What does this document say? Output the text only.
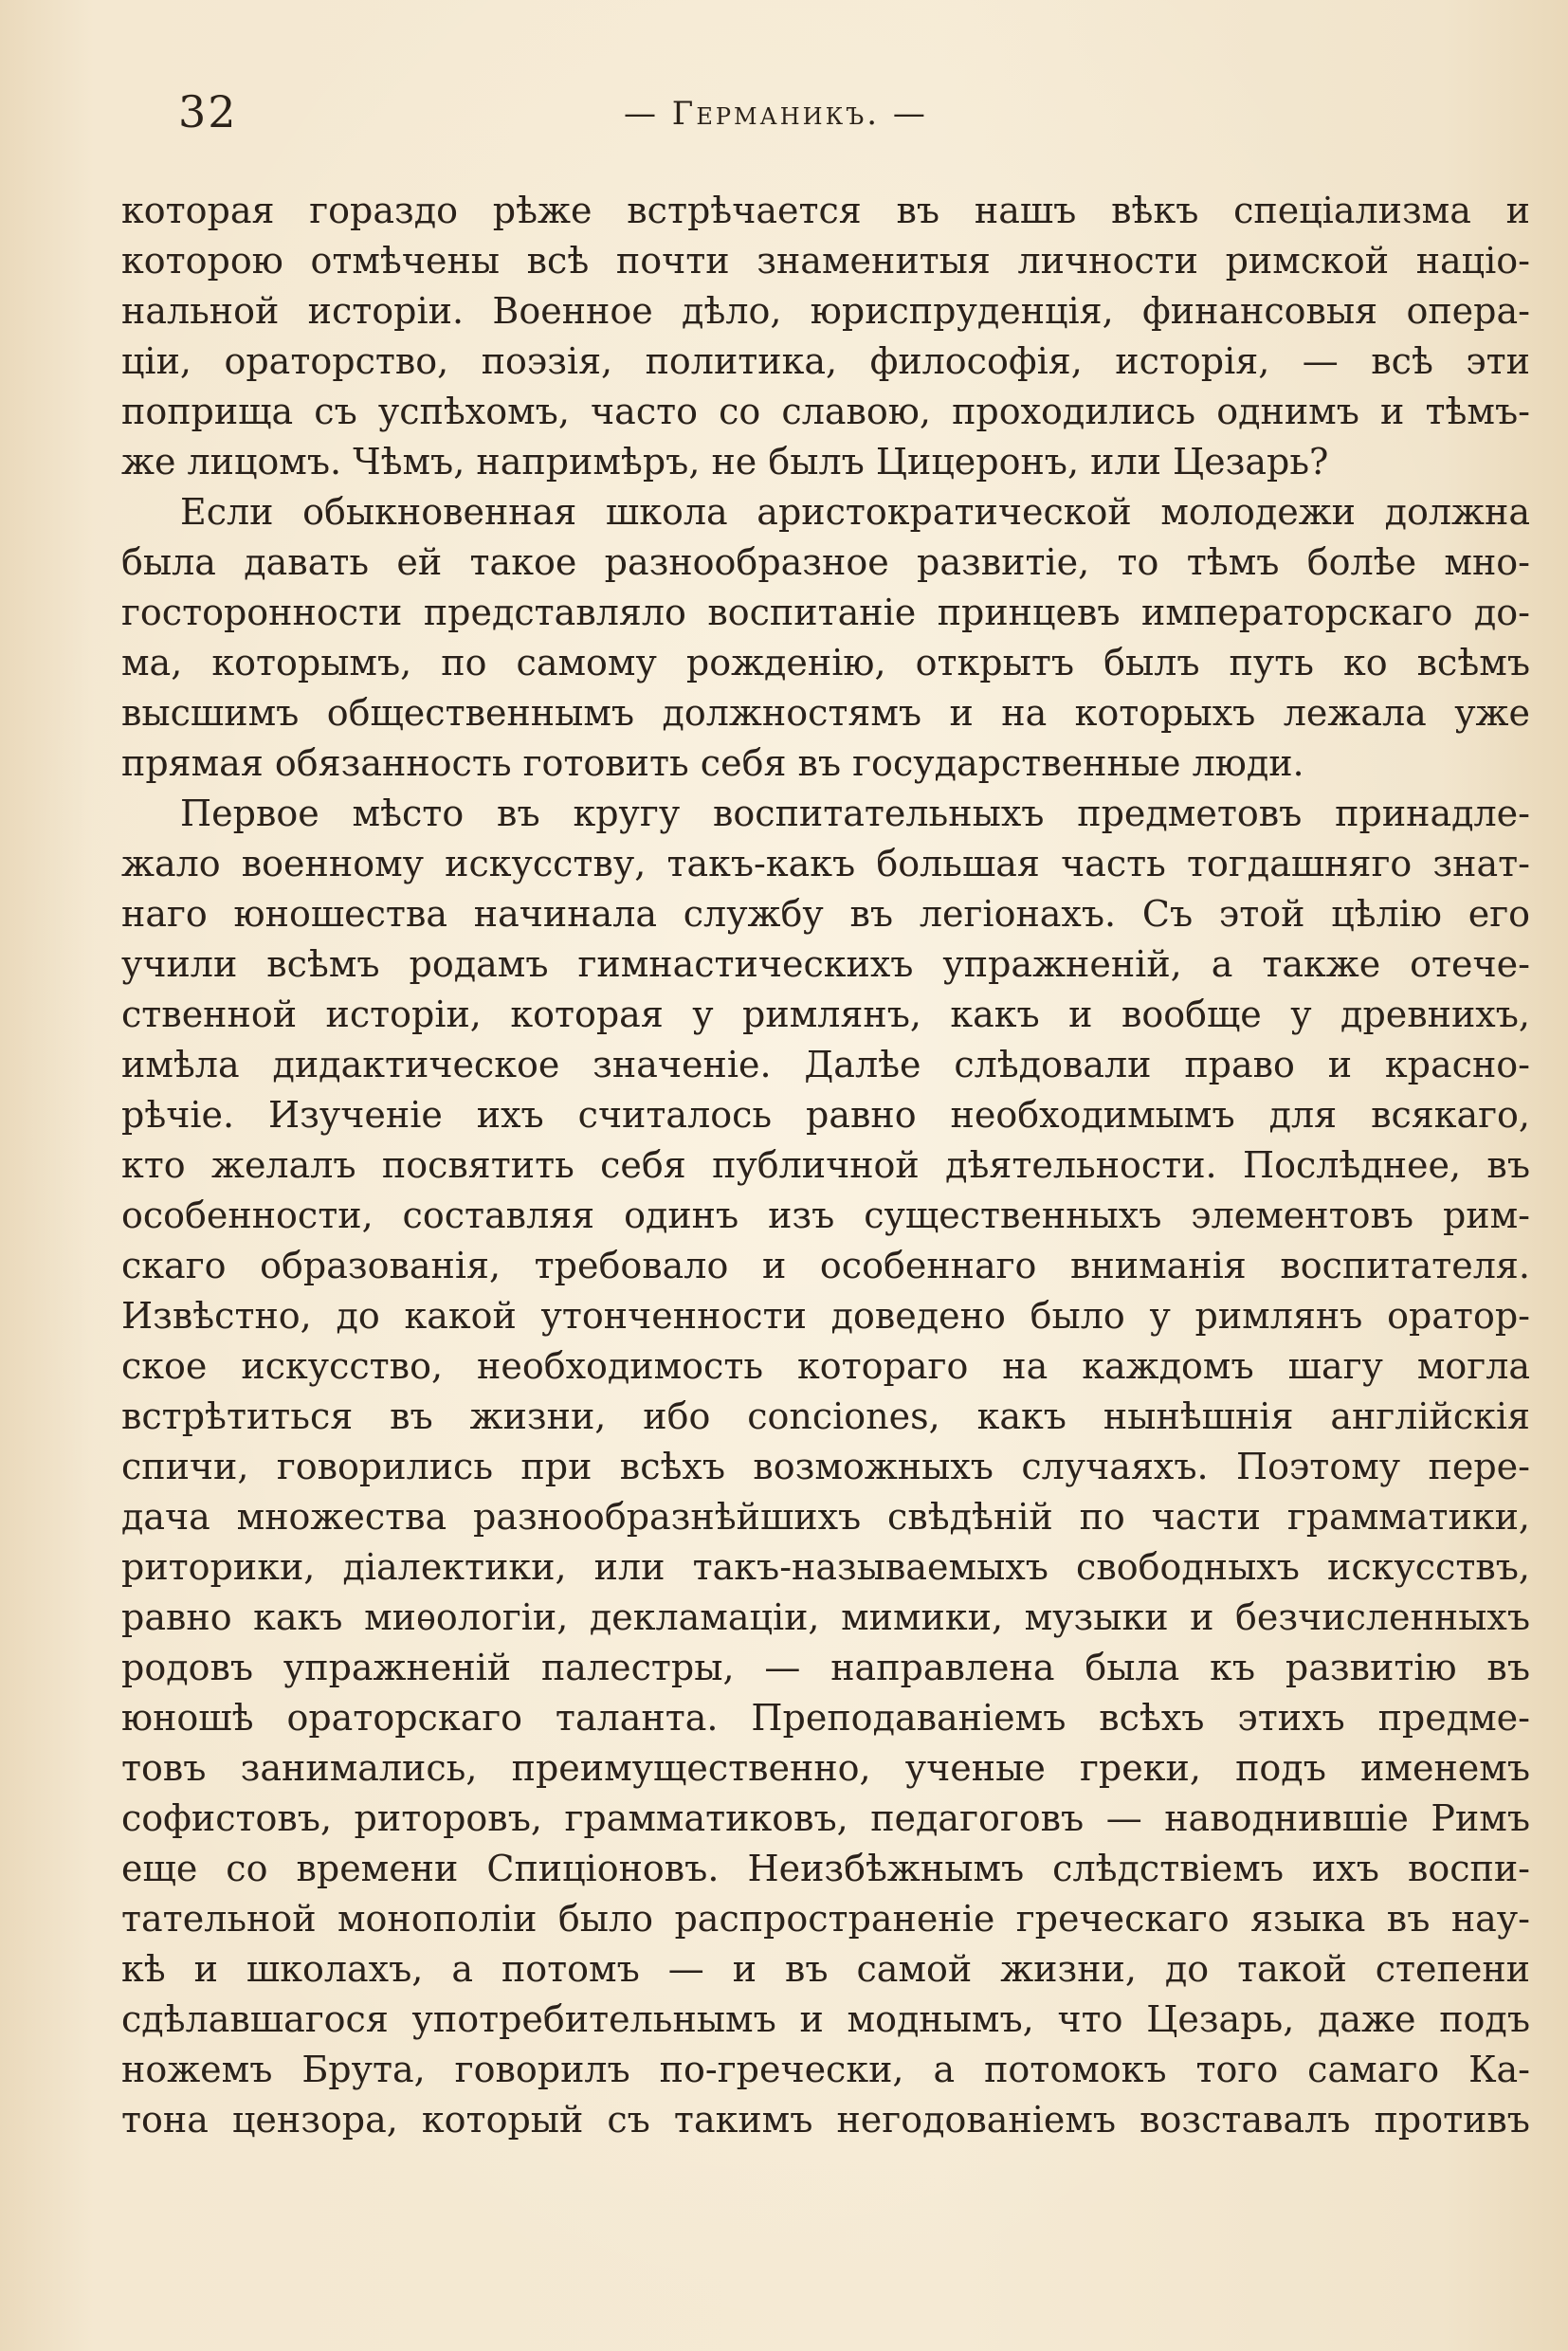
32	— Германикъ. —
которая гораздо рѣже встрѣчается въ нашъ вѣкъ спеціализма и
которою отмѣчены всѣ почти знаменитыя личности римской націо-
нальной исторіи. Военное дѣло, юриспруденція, финансовыя опера-
ціи, ораторство, поэзія, политика, философія, исторія, — всѣ эти
поприща съ успѣхомъ, часто со славою, проходились однимъ и тѣмъ-
же лицомъ. Чѣмъ, напримѣръ, не былъ Цицеронъ, или Цезарь?
Если обыкновенная школа аристократической молодежи должна
была давать ей такое разнообразное развитіе, то тѣмъ болѣе мно-
госторонности представляло воспитаніе принцевъ императорскаго до-
ма, которымъ, по самому рожденію, открытъ былъ путь ко всѣмъ
высшимъ общественнымъ должностямъ и на которыхъ лежала уже
прямая обязанность готовить себя въ государственные люди.
Первое мѣсто въ кругу воспитательныхъ предметовъ принадле-
жало военному искусству, такъ-какъ большая часть тогдашняго знат-
наго юношества начинала службу въ легіонахъ. Съ этой цѣлію его
учили всѣмъ родамъ гимнастическихъ упражненій, а также отече-
ственной исторіи, которая у римлянъ, какъ и вообще у древнихъ,
имѣла дидактическое значеніе. Далѣе слѣдовали право и красно-
рѣчіе. Изученіе ихъ считалось равно необходимымъ для всякаго,
кто желалъ посвятить себя публичной дѣятельности. Послѣднее, въ
особенности, составляя одинъ изъ существенныхъ элементовъ рим-
скаго образованія, требовало и особеннаго вниманія воспитателя.
Извѣстно, до какой утонченности доведено было у римлянъ оратор-
ское искусство, необходимость котораго на каждомъ шагу могла
встрѣтиться въ жизни, ибо conciones, какъ нынѣшнія англійскія
спичи, говорились при всѣхъ возможныхъ случаяхъ. Поэтому пере-
дача множества разнообразнѣйшихъ свѣдѣній по части грамматики,
риторики, діалектики, или такъ-называемыхъ свободныхъ искусствъ,
равно какъ миѳологіи, декламаціи, мимики, музыки и безчисленныхъ
родовъ упражненій палестры, — направлена была къ развитію въ
юношѣ ораторскаго таланта. Преподаваніемъ всѣхъ этихъ предме-
товъ занимались, преимущественно, ученые греки, подъ именемъ
софистовъ, риторовъ, грамматиковъ, педагоговъ — наводнившіе Римъ
еще со времени Спиціоновъ. Неизбѣжнымъ слѣдствіемъ ихъ воспи-
тательной монополіи было распространеніе греческаго языка въ нау-
кѣ и школахъ, а потомъ — и въ самой жизни, до такой степени
сдѣлавшагося употребительнымъ и моднымъ, что Цезарь, даже подъ
ножемъ Брута, говорилъ по-гречески, а потомокъ того самаго Ка-
тона цензора, который съ такимъ негодованіемъ возставалъ противъ
